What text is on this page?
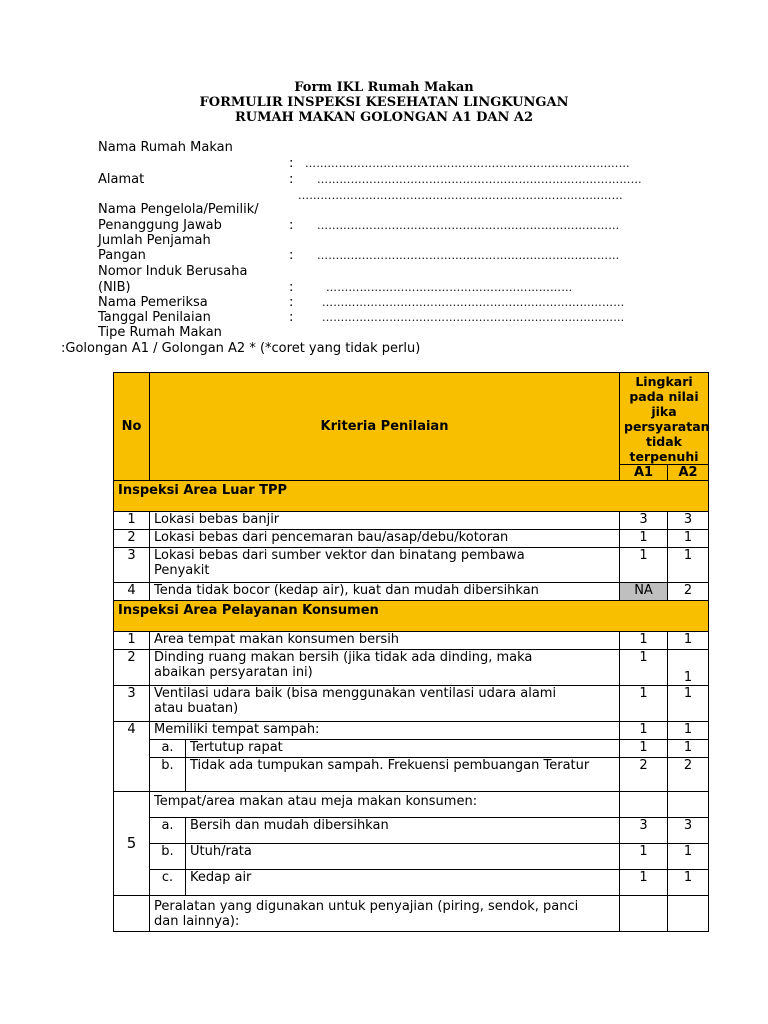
Form IKL Rumah Makan
FORMULIR INSPEKSI KESEHATAN LINGKUNGAN
RUMAH MAKAN GOLONGAN A1 DAN A2
Nama Rumah Makan
: ……………………………………………………………………………
Alamat	: ……………………………………………………………………………
……………………………………………………………………………
Nama Pengelola/Pemilik/
Penanggung Jawab	: ………………………………………………………………………
Jumlah Penjamah
Pangan	: ………………………………………………………………………
Nomor Induk Berusaha
(NIB)	:	…………………………………………………………
Nama Pemeriksa	:	………………………………………………………………………
Tanggal Penilaian	:	………………………………………………………………………
Tipe Rumah Makan
:Golongan A1 / Golongan A2 * (*coret yang tidak perlu)
No	Kriteria Penilaian		Lingkari pada nilai jika persyaratan tidak terpenuhi	
			A1	A2
Inspeksi Area Luar TPP				
1	Lokasi bebas banjir		3	3
2	Lokasi bebas dari pencemaran bau/asap/debu/kotoran		1	1
3	Lokasi bebas dari sumber vektor dan binatang pembawa Penyakit		1	1
4	Tenda tidak bocor (kedap air), kuat dan mudah dibersihkan		NA	2
Inspeksi Area Pelayanan Konsumen				
1	Area tempat makan konsumen bersih		1	1
2	Dinding ruang makan bersih (jika tidak ada dinding, maka abaikan persyaratan ini)		1	1
3	Ventilasi udara baik (bisa menggunakan ventilasi udara alami atau buatan)		1	1
4	Memiliki tempat sampah:		1	1
	a.	Tertutup rapat	1	1
	b.	Tidak ada tumpukan sampah. Frekuensi pembuangan Teratur	2	2
5	Tempat/area makan atau meja makan konsumen:			
	a.	Bersih dan mudah dibersihkan	3	3
	b.	Utuh/rata	1	1
	c.	Kedap air	1	1
	Peralatan yang digunakan untuk penyajian (piring, sendok, panci dan lainnya):			
